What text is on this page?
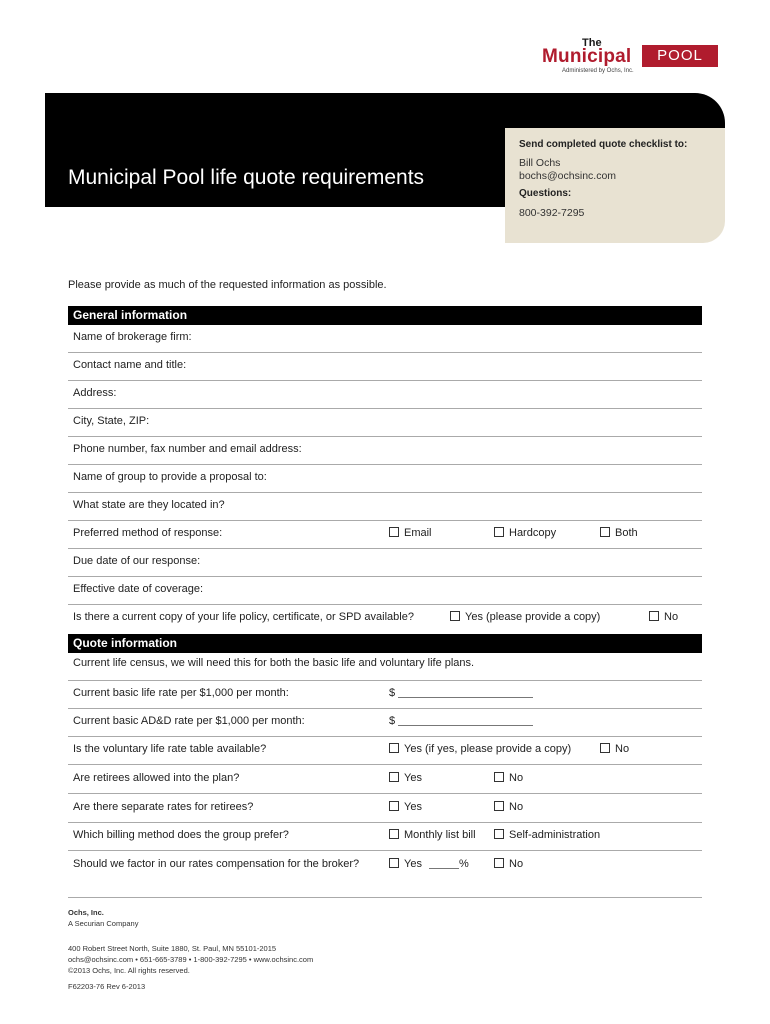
The
Municipal	POOL
Administered by Ochs, Inc.
Municipal Pool life quote requirements
Send completed quote checklist to:
Bill Ochs
bochs@ochsinc.com
Questions:
800-392-7295
Please provide as much of the requested information as possible.
General information
Name of brokerage firm:
Contact name and title:
Address:
City, State, ZIP:
Phone number, fax number and email address:
Name of group to provide a proposal to:
What state are they located in?
Preferred method of response:	Email	Hardcopy	Both
Due date of our response:
Effective date of coverage:
Is there a current copy of your life policy, certificate, or SPD available?	Yes (please provide a copy)	No
Quote information
Current life census, we will need this for both the basic life and voluntary life plans.
Current basic life rate per $1,000 per month:	$
Current basic AD&D rate per $1,000 per month:	$
Is the voluntary life rate table available?	Yes (if yes, please provide a copy)	No
Are retirees allowed into the plan?	Yes	No
Are there separate rates for retirees?	Yes	No
Which billing method does the group prefer?	Monthly list bill	Self-administration
Should we factor in our rates compensation for the broker?	Yes	%	No
Ochs, Inc.
A Securian Company
400 Robert Street North, Suite 1880, St. Paul, MN 55101-2015
ochs@ochsinc.com • 651-665-3789 • 1-800-392-7295 • www.ochsinc.com
©2013 Ochs, Inc. All rights reserved.
F62203-76 Rev 6-2013
